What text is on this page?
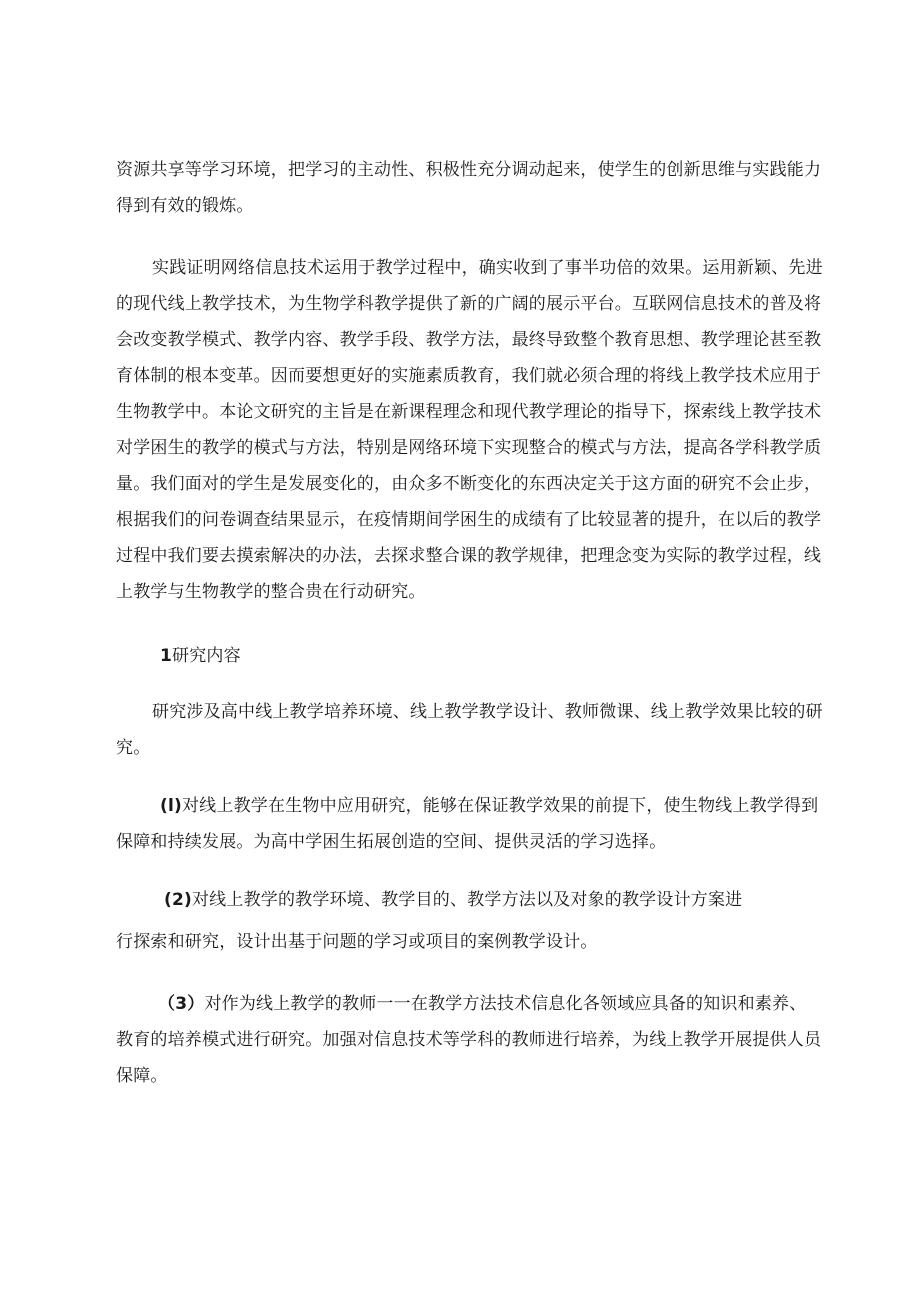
资源共享等学习环境，把学习的主动性、积极性充分调动起来，使学生的创新思维与实践能力
得到有效的锻炼。
实践证明网络信息技术运用于教学过程中，确实收到了事半功倍的效果。运用新颖、先进
的现代线上教学技术，为生物学科教学提供了新的广阔的展示平台。互联网信息技术的普及将
会改变教学模式、教学内容、教学手段、教学方法，最终导致整个教育思想、教学理论甚至教
育体制的根本变革。因而要想更好的实施素质教育，我们就必须合理的将线上教学技术应用于
生物教学中。本论文研究的主旨是在新课程理念和现代教学理论的指导下，探索线上教学技术
对学困生的教学的模式与方法，特别是网络环境下实现整合的模式与方法，提高各学科教学质
量。我们面对的学生是发展变化的，由众多不断变化的东西决定关于这方面的研究不会止步，
根据我们的问卷调查结果显示，在疫情期间学困生的成绩有了比较显著的提升，在以后的教学
过程中我们要去摸索解决的办法，去探求整合课的教学规律，把理念变为实际的教学过程，线
上教学与生物教学的整合贵在行动研究。
1研究内容
研究涉及高中线上教学培养环境、线上教学教学设计、教师微课、线上教学效果比较的研
究。
(l)对线上教学在生物中应用研究，能够在保证教学效果的前提下，使生物线上教学得到
保障和持续发展。为高中学困生拓展创造的空间、提供灵活的学习选择。
(2)对线上教学的教学环境、教学目的、教学方法以及对象的教学设计方案进
行探索和研究，设计出基于问题的学习或项目的案例教学设计。
（3）对作为线上教学的教师一一在教学方法技术信息化各领域应具备的知识和素养、
教育的培养模式进行研究。加强对信息技术等学科的教师进行培养，为线上教学开展提供人员
保障。
